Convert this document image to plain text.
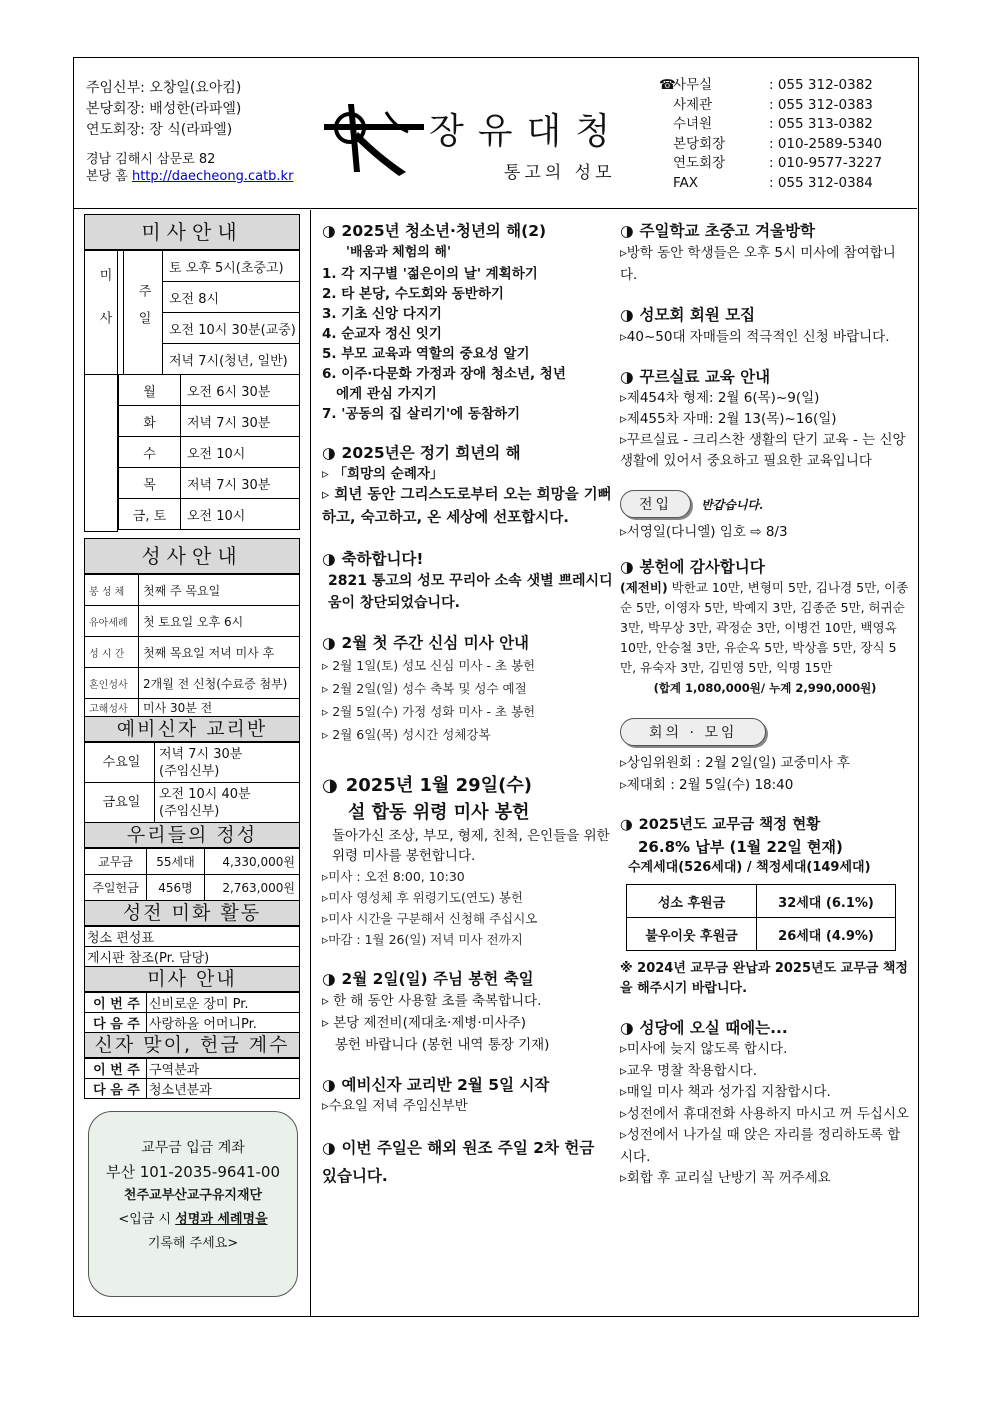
주임신부: 오창일(요아킴)
본당회장: 배성한(라파엘)
연도회장: 장 식(라파엘)
경남 김해시 삼문로 82
본당 홈 http://daecheong.catb.kr
장유대청
통고의 성모
☎사무실	: 055 312-0382
사제관	: 055 312-0383
수녀원	: 055 313-0382
본당회장	: 010-2589-5340
연도회장	: 010-9577-3227
FAX	: 055 312-0384
미사안내
미사	주일	토 오후 5시(초중고)
오전 8시
오전 10시 30분(교중)
저녁 7시(청년, 일반)
월	오전 6시 30분
화	저녁 7시 30분
수	오전 10시
목	저녁 7시 30분
금, 토	오전 10시
성사안내
봉 성 체	첫째 주 목요일
유아세례	첫 토요일 오후 6시
성 시 간	첫째 목요일 저녁 미사 후
혼인성사	2개월 전 신청(수료증 첨부)
고해성사	미사 30분 전
예비신자 교리반
수요일	저녁 7시 30분
(주임신부)
금요일	오전 10시 40분
(주임신부)
우리들의 정성
교무금	55세대	4,330,000원
주일헌금	456명	2,763,000원
성전 미화 활동
청소 편성표
게시판 참조(Pr. 담당)
미사 안내
이 번 주	신비로운 장미 Pr.
다 음 주	사랑하올 어머니Pr.
신자 맞이, 헌금 계수
이 번 주	구역분과
다 음 주	청소년분과
교무금 입금 계좌
부산 101-2035-9641-00
천주교부산교구유지재단
<입금 시 성명과 세례명을
기록해 주세요>
◑ 2025년 청소년·청년의 해(2)
'배움과 체험의 해'
1. 각 지구별 '젊은이의 날' 계획하기
2. 타 본당, 수도회와 동반하기
3. 기초 신앙 다지기
4. 순교자 정신 잇기
5. 부모 교육과 역할의 중요성 알기
6. 이주·다문화 가정과 장애 청소년, 청년
에게 관심 가지기
7. '공동의 집 살리기'에 동참하기
◑ 2025년은 정기 희년의 해
▹ 「희망의 순례자」
▹ 희년 동안 그리스도로부터 오는 희망을 기뻐하고, 숙고하고, 온 세상에 선포합시다.
◑ 축하합니다!
2821 통고의 성모 꾸리아 소속 샛별 쁘레시디움이 창단되었습니다.
◑ 2월 첫 주간 신심 미사 안내
▹ 2월 1일(토) 성모 신심 미사 - 초 봉헌
▹ 2월 2일(일) 성수 축복 및 성수 예절
▹ 2월 5일(수) 가정 성화 미사 - 초 봉헌
▹ 2월 6일(목) 성시간 성체강복
◑ 2025년 1월 29일(수)
설 합동 위령 미사 봉헌
돌아가신 조상, 부모, 형제, 친척, 은인들을 위한 위령 미사를 봉헌합니다.
▹미사 : 오전 8:00, 10:30
▹미사 영성체 후 위령기도(연도) 봉헌
▹미사 시간을 구분해서 신청해 주십시오
▹마감 : 1월 26(일) 저녁 미사 전까지
◑ 2월 2일(일) 주님 봉헌 축일
▹ 한 해 동안 사용할 초를 축복합니다.
▹ 본당 제전비(제대초·제병·미사주)
봉헌 바랍니다 (봉헌 내역 통장 기재)
◑ 예비신자 교리반 2월 5일 시작
▹수요일 저녁 주임신부반
◑ 이번 주일은 해외 원조 주일 2차 헌금 있습니다.
◑ 주일학교 초중고 겨울방학
▹방학 동안 학생들은 오후 5시 미사에 참여합니다.
◑ 성모회 회원 모집
▹40~50대 자매들의 적극적인 신청 바랍니다.
◑ 꾸르실료 교육 안내
▹제454차 형제: 2월 6(목)~9(일)
▹제455차 자매: 2월 13(목)~16(일)
▹꾸르실료 - 크리스찬 생활의 단기 교육 - 는 신앙생활에 있어서 중요하고 필요한 교육입니다
전입 반갑습니다.
▹서영일(다니엘) 임호 ⇨ 8/3
◑ 봉헌에 감사합니다
(제전비) 박한교 10만, 변형미 5만, 김나경 5만, 이종순 5만, 이영자 5만, 박예지 3만, 김종준 5만, 허귀순 3만, 박무상 3만, 곽정순 3만, 이병건 10만, 백영옥 10만, 안승철 3만, 유순옥 5만, 박상흠 5만, 장식 5만, 유숙자 3만, 김민영 5만, 익명 15만
(합계 1,080,000원/ 누계 2,990,000원)
회의 · 모임
▹상임위원회 : 2월 2일(일) 교중미사 후
▹제대회 : 2월 5일(수) 18:40
◑ 2025년도 교무금 책정 현황
26.8% 납부 (1월 22일 현재)
수계세대(526세대) / 책정세대(149세대)
성소 후원금	32세대 (6.1%)
불우이웃 후원금	26세대 (4.9%)
※ 2024년 교무금 완납과 2025년도 교무금 책정을 해주시기 바랍니다.
◑ 성당에 오실 때에는...
▹미사에 늦지 않도록 합시다.
▹교우 명찰 착용합시다.
▹매일 미사 책과 성가집 지참합시다.
▹성전에서 휴대전화 사용하지 마시고 꺼 두십시오
▹성전에서 나가실 때 앉은 자리를 정리하도록 합시다.
▹회합 후 교리실 난방기 꼭 꺼주세요
